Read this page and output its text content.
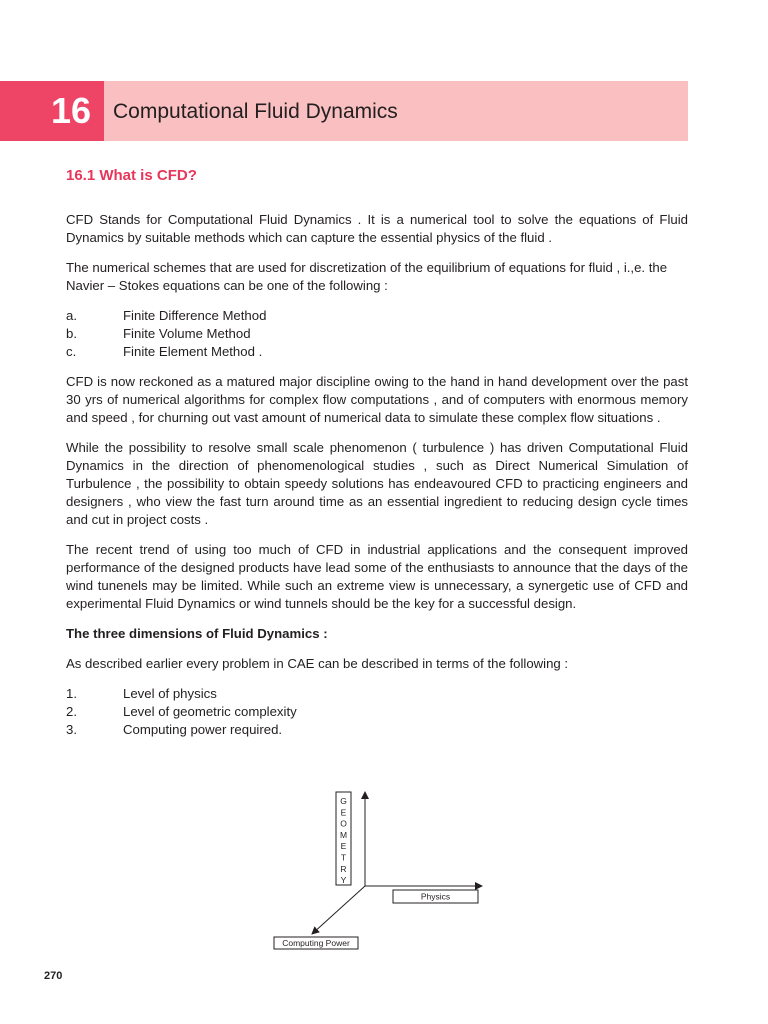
16	Computational Fluid Dynamics
16.1 What is CFD?

CFD Stands for Computational Fluid Dynamics . It is a numerical tool to solve the equations of Fluid Dynamics by suitable methods which can capture the essential physics of the fluid .

The numerical schemes that are used for discretization of the equilibrium of equations for fluid , i.,e. the Navier – Stokes equations can be one of the following :

a.	Finite Difference Method
b.	Finite Volume Method
c.	Finite Element Method .

CFD is now reckoned as a matured major discipline owing to the hand in hand development over the past 30 yrs of numerical algorithms for complex flow computations , and of computers with enormous memory and speed , for churning out vast amount of numerical data to simulate these complex flow situations .

While the possibility to resolve small scale phenomenon ( turbulence ) has driven Computational Fluid Dynamics in the direction of phenomenological studies , such as Direct Numerical Simulation of Turbulence , the possibility to obtain speedy solutions has endeavoured CFD to practicing engineers and designers , who view the fast turn around time as an essential ingredient to reducing design cycle times and cut in project costs .

The recent trend of using too much of CFD in industrial applications and the consequent improved performance of the designed products have lead some of the enthusiasts to announce that the days of the wind tunenels may be limited. While such an extreme view is unnecessary, a synergetic use of CFD and experimental Fluid Dynamics or wind tunnels should be the key for a successful design.

The three dimensions of Fluid Dynamics :

As described earlier every problem in CAE can be described in terms of the following :

1.	Level of physics
2.	Level of geometric complexity
3.	Computing power required.
G
E
O
M
E
T
R
Y
Physics
Computing Power
270
